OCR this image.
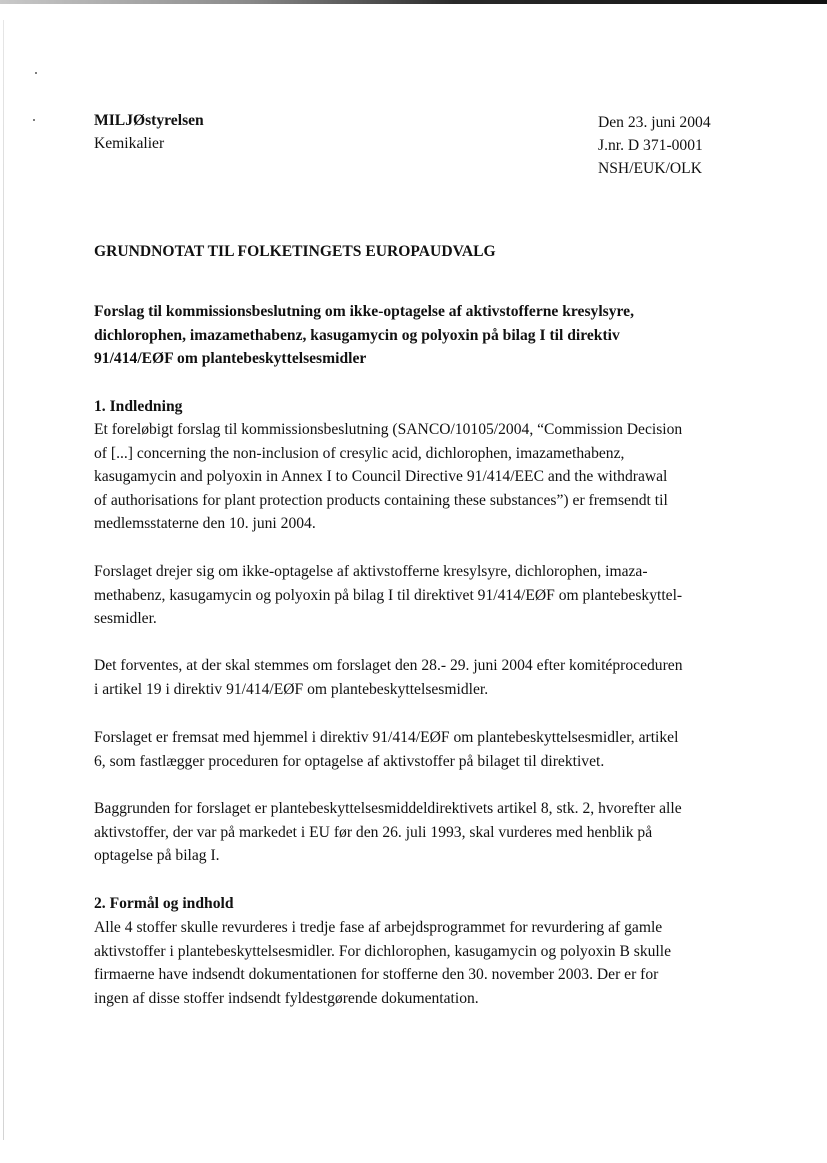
MILJØstyrelsen
Kemikalier
Den 23. juni 2004
J.nr. D 371-0001
NSH/EUK/OLK
GRUNDNOTAT TIL FOLKETINGETS EUROPAUDVALG
Forslag til kommissionsbeslutning om ikke-optagelse af aktivstofferne kresylsyre,
dichlorophen, imazamethabenz, kasugamycin og polyoxin på bilag I til direktiv
91/414/EØF om plantebeskyttelsesmidler
1. Indledning
Et foreløbigt forslag til kommissionsbeslutning (SANCO/10105/2004, “Commission Decision
of [...] concerning the non-inclusion of cresylic acid, dichlorophen, imazamethabenz,
kasugamycin and polyoxin in Annex I to Council Directive 91/414/EEC and the withdrawal
of authorisations for plant protection products containing these substances”) er fremsendt til
medlemsstaterne den 10. juni 2004.
Forslaget drejer sig om ikke-optagelse af aktivstofferne kresylsyre, dichlorophen, imaza-
methabenz, kasugamycin og polyoxin på bilag I til direktivet 91/414/EØF om plantebeskyttel-
sesmidler.
Det forventes, at der skal stemmes om forslaget den 28.- 29. juni 2004 efter komitéproceduren
i artikel 19 i direktiv 91/414/EØF om plantebeskyttelsesmidler.
Forslaget er fremsat med hjemmel i direktiv 91/414/EØF om plantebeskyttelsesmidler, artikel
6, som fastlægger proceduren for optagelse af aktivstoffer på bilaget til direktivet.
Baggrunden for forslaget er plantebeskyttelsesmiddeldirektivets artikel 8, stk. 2, hvorefter alle
aktivstoffer, der var på markedet i EU før den 26. juli 1993, skal vurderes med henblik på
optagelse på bilag I.
2. Formål og indhold
Alle 4 stoffer skulle revurderes i tredje fase af arbejdsprogrammet for revurdering af gamle
aktivstoffer i plantebeskyttelsesmidler. For dichlorophen, kasugamycin og polyoxin B skulle
firmaerne have indsendt dokumentationen for stofferne den 30. november 2003. Der er for
ingen af disse stoffer indsendt fyldestgørende dokumentation.
